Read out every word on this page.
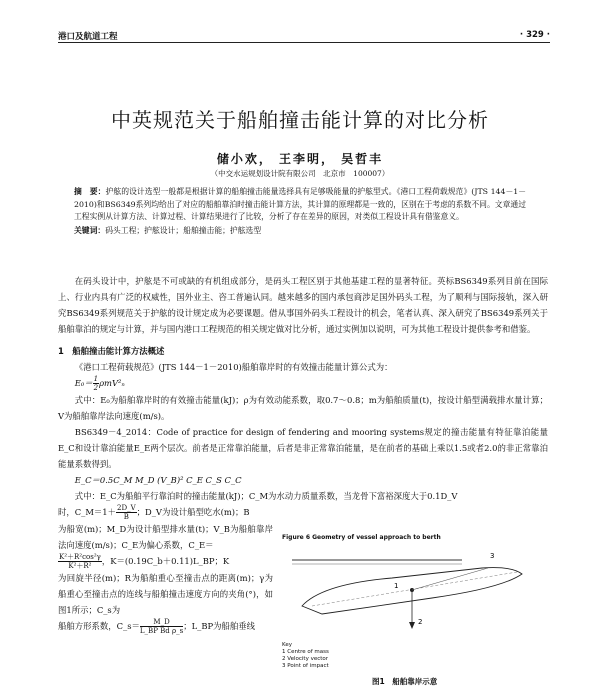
港口及航道工程	· 329 ·
中英规范关于船舶撞击能计算的对比分析
储小欢， 王李明， 吴哲丰
（中交水运规划设计院有限公司　北京市　100007）
摘　要：护舷的设计选型一般都是根据计算的船舶撞击能量选择具有足够吸能量的护舷型式。《港口工程荷载规范》(JTS 144－1－2010)和BS6349系列均给出了对应的船舶靠泊时撞击能计算方法，其计算的原理都是一致的，区别在于考虑的系数不同。文章通过工程实例从计算方法、计算过程、计算结果进行了比较，分析了存在差异的原因，对类似工程设计具有借鉴意义。
关键词：码头工程；护舷设计；船舶撞击能；护舷选型

在码头设计中，护舷是不可或缺的有机组成部分，是码头工程区别于其他基建工程的显著特征。英标BS6349系列目前在国际上、行业内具有广泛的权威性，国外业主、咨工普遍认同。越来越多的国内承包商涉足国外码头工程，为了顺利与国际接轨，深入研究BS6349系列规范关于护舷的设计规定成为必要课题。借从事国外码头工程设计的机会，笔者认真、深入研究了BS6349系列关于船舶靠泊的规定与计算，并与国内港口工程规范的相关规定做对比分析，通过实例加以说明，可为其他工程设计提供参考和借鉴。

1　船舶撞击能计算方法概述

《港口工程荷载规范》(JTS 144－1－2010)船舶靠岸时的有效撞击能量计算公式为：

$E_0= \frac{1}{2} \rho mV^2_n$

式中：E₀为船舶靠岸时的有效撞击能量(kJ)；ρ为有效动能系数，取0.7～0.8；m为船舶质量(t)，按设计船型满载排水量计算；V为船舶靠岸法向速度(m/s)。

BS6349－4_2014：Code of practice for design of fendering and mooring systems规定的撞击能量有特征靠泊能量E_C和设计靠泊能量E_E两个层次。前者是正常靠泊能量，后者是非正常靠泊能量，是在前者的基础上乘以1.5或者2.0的非正常靠泊能量系数得到。

E_C＝0.5C_M M_D (V_B)² C_E C_S C_C

式中：E_C为船舶平行靠泊时的撞击能量(kJ)；C_M为水动力质量系数，当龙骨下富裕深度大于0.1D_V

时，C_M＝1＋ $\frac{2D\_V}{B}$ ；D_V为设计船型吃水(m)；B

为船宽(m)；M_D为设计船型排水量(t)；V_B为船舶靠岸法向速度(m/s)；C_E为偏心系数，C_E＝

$\frac{\text{K²＋R²cos²γ}}{\text{K²＋R²}}$ ，K＝(0.19C_b＋0.11)L_BP；K

为回旋半径(m)；R为船舶重心至撞击点的距离(m)；γ为船重心至撞击点的连线与船舶撞击速度方向的夹角(°)，如图1所示；C_s为

船舶方形系数，C_s＝ $\frac{M\_D}{\text{L\_BP Bd ρ\_s}}$ ；L_BP为船舶垂线

Figure 6 Geometry of vessel approach to berth
1
3
2
Key
1 Centre of mass
2 Velocity vector
3 Point of impact
图1　船舶靠岸示意
